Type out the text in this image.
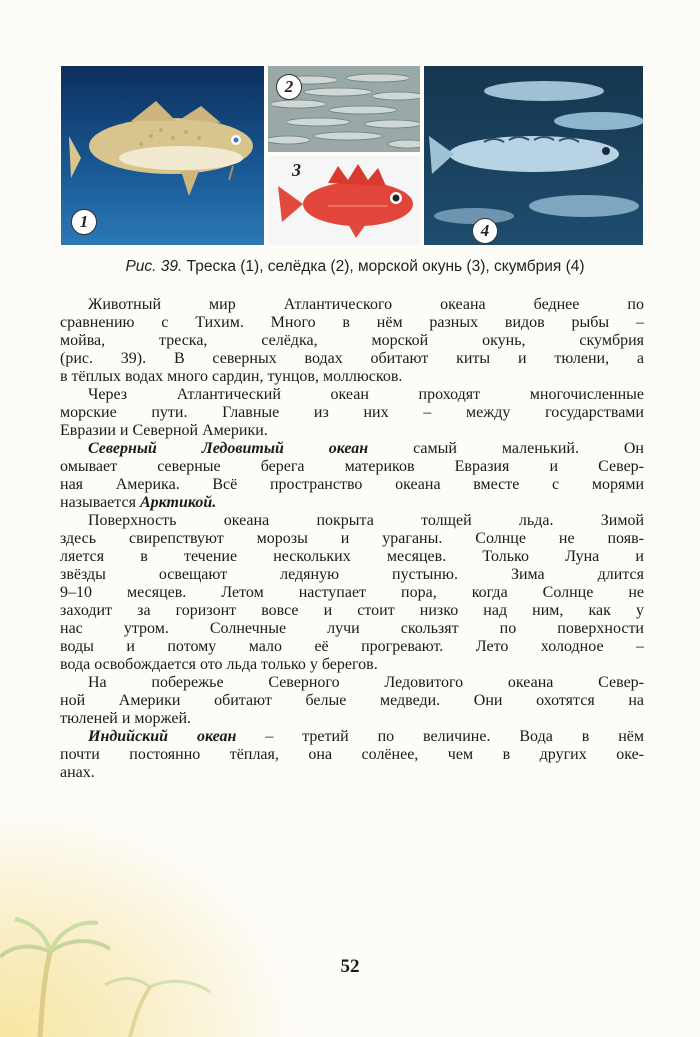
1
2
3
4
Рис. 39. Треска (1), селёдка (2), морской окунь (3), скумбрия (4)
Животный мир Атлантического океана беднее по
сравнению с Тихим. Много в нём разных видов рыбы –
мойва, треска, селёдка, морской окунь, скумбрия
(рис. 39). В северных водах обитают киты и тюлени, а
в тёплых водах много сардин, тунцов, моллюсков.
Через Атлантический океан проходят многочисленные
морские пути. Главные из них – между государствами
Евразии и Северной Америки.
Северный Ледовитый океан самый маленький. Он
омывает северные берега материков Евразия и Север-
ная Америка. Всё пространство океана вместе с морями
называется Арктикой.
Поверхность океана покрыта толщей льда. Зимой
здесь свирепствуют морозы и ураганы. Солнце не появ-
ляется в течение нескольких месяцев. Только Луна и
звёзды освещают ледяную пустыню. Зима длится
9–10 месяцев. Летом наступает пора, когда Солнце не
заходит за горизонт вовсе и стоит низко над ним, как у
нас утром. Солнечные лучи скользят по поверхности
воды и потому мало её прогревают. Лето холодное –
вода освобождается ото льда только у берегов.
На побережье Северного Ледовитого океана Север-
ной Америки обитают белые медведи. Они охотятся на
тюленей и моржей.
Индийский океан – третий по величине. Вода в нём
почти постоянно тёплая, она солёнее, чем в других оке-
анах.
52
